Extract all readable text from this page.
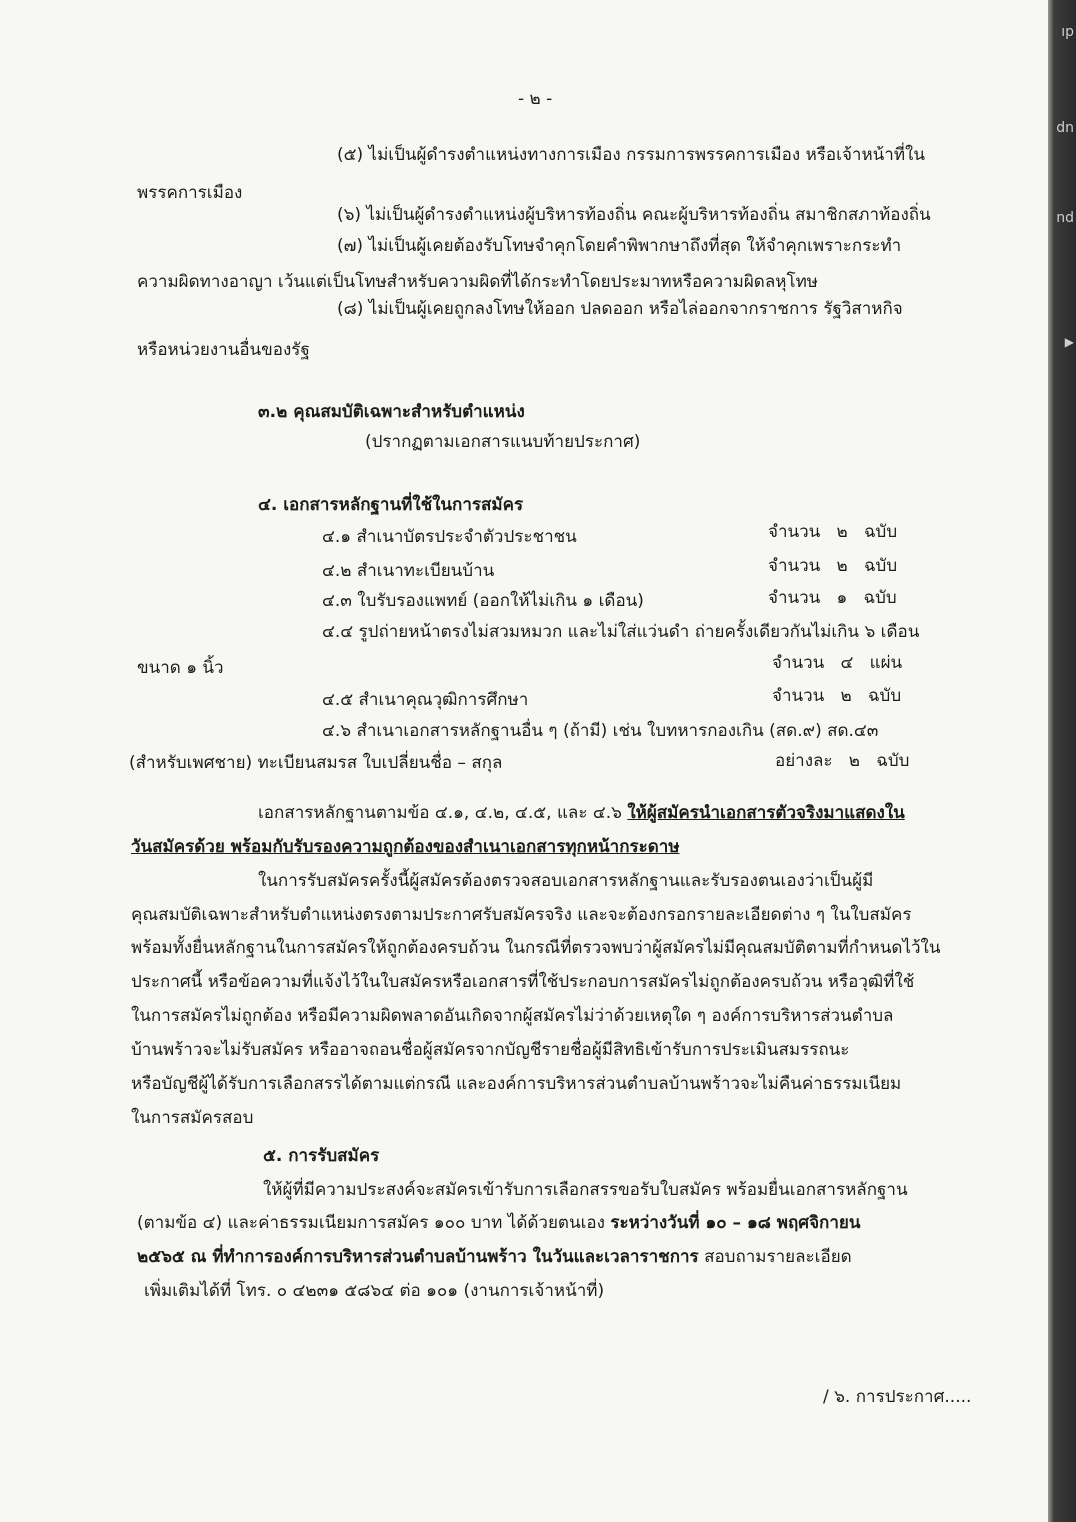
- ๒ -
(๕) ไม่เป็นผู้ดำรงตำแหน่งทางการเมือง กรรมการพรรคการเมือง หรือเจ้าหน้าที่ใน
พรรคการเมือง
(๖) ไม่เป็นผู้ดำรงตำแหน่งผู้บริหารท้องถิ่น คณะผู้บริหารท้องถิ่น สมาชิกสภาท้องถิ่น
(๗) ไม่เป็นผู้เคยต้องรับโทษจำคุกโดยคำพิพากษาถึงที่สุด ให้จำคุกเพราะกระทำ
ความผิดทางอาญา เว้นแต่เป็นโทษสำหรับความผิดที่ได้กระทำโดยประมาทหรือความผิดลหุโทษ
(๘) ไม่เป็นผู้เคยถูกลงโทษให้ออก ปลดออก หรือไล่ออกจากราชการ รัฐวิสาหกิจ
หรือหน่วยงานอื่นของรัฐ
๓.๒ คุณสมบัติเฉพาะสำหรับตำแหน่ง
(ปรากฏตามเอกสารแนบท้ายประกาศ)
๔. เอกสารหลักฐานที่ใช้ในการสมัคร
๔.๑ สำเนาบัตรประจำตัวประชาชน	จำนวน ๒ ฉบับ
๔.๒ สำเนาทะเบียนบ้าน	จำนวน ๒ ฉบับ
๔.๓ ใบรับรองแพทย์ (ออกให้ไม่เกิน ๑ เดือน)	จำนวน ๑ ฉบับ
๔.๔ รูปถ่ายหน้าตรงไม่สวมหมวก และไม่ใส่แว่นดำ ถ่ายครั้งเดียวกันไม่เกิน ๖ เดือน
ขนาด ๑ นิ้ว	จำนวน ๔ แผ่น
๔.๕ สำเนาคุณวุฒิการศึกษา	จำนวน ๒ ฉบับ
๔.๖ สำเนาเอกสารหลักฐานอื่น ๆ (ถ้ามี) เช่น ใบทหารกองเกิน (สด.๙) สด.๔๓
(สำหรับเพศชาย) ทะเบียนสมรส ใบเปลี่ยนชื่อ – สกุล	อย่างละ ๒ ฉบับ
เอกสารหลักฐานตามข้อ ๔.๑, ๔.๒, ๔.๕, และ ๔.๖ ให้ผู้สมัครนำเอกสารตัวจริงมาแสดงใน
วันสมัครด้วย พร้อมกับรับรองความถูกต้องของสำเนาเอกสารทุกหน้ากระดาษ
ในการรับสมัครครั้งนี้ผู้สมัครต้องตรวจสอบเอกสารหลักฐานและรับรองตนเองว่าเป็นผู้มี
คุณสมบัติเฉพาะสำหรับตำแหน่งตรงตามประกาศรับสมัครจริง และจะต้องกรอกรายละเอียดต่าง ๆ ในใบสมัคร
พร้อมทั้งยื่นหลักฐานในการสมัครให้ถูกต้องครบถ้วน ในกรณีที่ตรวจพบว่าผู้สมัครไม่มีคุณสมบัติตามที่กำหนดไว้ใน
ประกาศนี้ หรือข้อความที่แจ้งไว้ในใบสมัครหรือเอกสารที่ใช้ประกอบการสมัครไม่ถูกต้องครบถ้วน หรือวุฒิที่ใช้
ในการสมัครไม่ถูกต้อง หรือมีความผิดพลาดอันเกิดจากผู้สมัครไม่ว่าด้วยเหตุใด ๆ องค์การบริหารส่วนตำบล
บ้านพร้าวจะไม่รับสมัคร หรืออาจถอนชื่อผู้สมัครจากบัญชีรายชื่อผู้มีสิทธิเข้ารับการประเมินสมรรถนะ
หรือบัญชีผู้ได้รับการเลือกสรรได้ตามแต่กรณี และองค์การบริหารส่วนตำบลบ้านพร้าวจะไม่คืนค่าธรรมเนียม
ในการสมัครสอบ
๕. การรับสมัคร
ให้ผู้ที่มีความประสงค์จะสมัครเข้ารับการเลือกสรรขอรับใบสมัคร พร้อมยื่นเอกสารหลักฐาน
(ตามข้อ ๔) และค่าธรรมเนียมการสมัคร ๑๐๐ บาท ได้ด้วยตนเอง ระหว่างวันที่ ๑๐ – ๑๘ พฤศจิกายน
๒๕๖๕ ณ ที่ทำการองค์การบริหารส่วนตำบลบ้านพร้าว ในวันและเวลาราชการ สอบถามรายละเอียด
เพิ่มเติมได้ที่ โทร. ๐ ๔๒๓๑ ๕๘๖๔ ต่อ ๑๐๑ (งานการเจ้าหน้าที่)
/ ๖. การประกาศ.....
ıp
dn
nd
▶
